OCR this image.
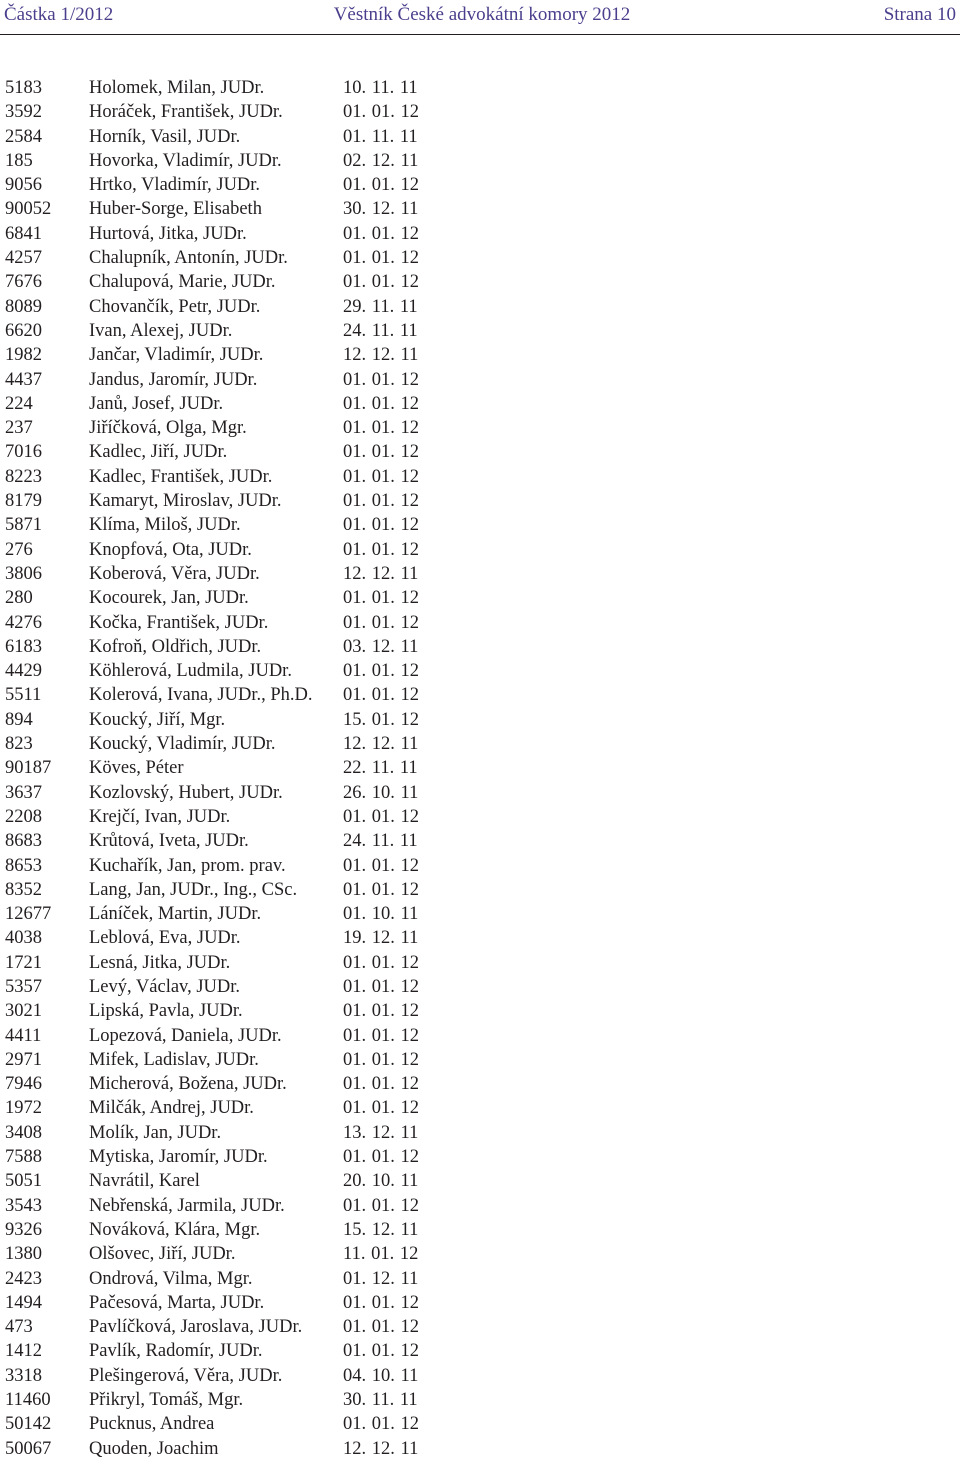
Částka 1/2012	Věstník České advokátní komory 2012	Strana 10
5183	Holomek, Milan, JUDr.	10. 11. 11
3592	Horáček, František, JUDr.	01. 01. 12
2584	Horník, Vasil, JUDr.	01. 11. 11
185	Hovorka, Vladimír, JUDr.	02. 12. 11
9056	Hrtko, Vladimír, JUDr.	01. 01. 12
90052 Huber-Sorge, Elisabeth	30. 12. 11
6841	Hurtová, Jitka, JUDr.	01. 01. 12
4257	Chalupník, Antonín, JUDr.	01. 01. 12
7676	Chalupová, Marie, JUDr.	01. 01. 12
8089	Chovančík, Petr, JUDr.	29. 11. 11
6620	Ivan, Alexej, JUDr.	24. 11. 11
1982	Jančar, Vladimír, JUDr.	12. 12. 11
4437	Jandus, Jaromír, JUDr.	01. 01. 12
224	Janů, Josef, JUDr.	01. 01. 12
237	Jiříčková, Olga, Mgr.	01. 01. 12
7016	Kadlec, Jiří, JUDr.	01. 01. 12
8223	Kadlec, František, JUDr.	01. 01. 12
8179	Kamaryt, Miroslav, JUDr.	01. 01. 12
5871	Klíma, Miloš, JUDr.	01. 01. 12
276	Knopfová, Ota, JUDr.	01. 01. 12
3806	Koberová, Věra, JUDr.	12. 12. 11
280	Kocourek, Jan, JUDr.	01. 01. 12
4276	Kočka, František, JUDr.	01. 01. 12
6183	Kofroň, Oldřich, JUDr.	03. 12. 11
4429	Köhlerová, Ludmila, JUDr.	01. 01. 12
5511	Kolerová, Ivana, JUDr., Ph.D. 01. 01. 12
894	Koucký, Jiří, Mgr.	15. 01. 12
823	Koucký, Vladimír, JUDr.	12. 12. 11
90187 Köves, Péter	22. 11. 11
3637	Kozlovský, Hubert, JUDr.	26. 10. 11
2208	Krejčí, Ivan, JUDr.	01. 01. 12
8683	Krůtová, Iveta, JUDr.	24. 11. 11
8653	Kuchařík, Jan, prom. prav.	01. 01. 12
8352	Lang, Jan, JUDr., Ing., CSc. 01. 01. 12
12677 Láníček, Martin, JUDr.	01. 10. 11
4038	Leblová, Eva, JUDr.	19. 12. 11
1721	Lesná, Jitka, JUDr.	01. 01. 12
5357	Levý, Václav, JUDr.	01. 01. 12
3021	Lipská, Pavla, JUDr.	01. 01. 12
4411	Lopezová, Daniela, JUDr.	01. 01. 12
2971	Mifek, Ladislav, JUDr.	01. 01. 12
7946	Micherová, Božena, JUDr.	01. 01. 12
1972	Milčák, Andrej, JUDr.	01. 01. 12
3408	Molík, Jan, JUDr.	13. 12. 11
7588	Mytiska, Jaromír, JUDr.	01. 01. 12
5051	Navrátil, Karel	20. 10. 11
3543	Nebřenská, Jarmila, JUDr.	01. 01. 12
9326	Nováková, Klára, Mgr.	15. 12. 11
1380	Olšovec, Jiří, JUDr.	11. 01. 12
2423	Ondrová, Vilma, Mgr.	01. 12. 11
1494	Pačesová, Marta, JUDr.	01. 01. 12
473	Pavlíčková, Jaroslava, JUDr. 01. 01. 12
1412	Pavlík, Radomír, JUDr.	01. 01. 12
3318	Plešingerová, Věra, JUDr.	04. 10. 11
11460 Přikryl, Tomáš, Mgr.	30. 11. 11
50142 Pucknus, Andrea	01. 01. 12
50067 Quoden, Joachim	12. 12. 11
